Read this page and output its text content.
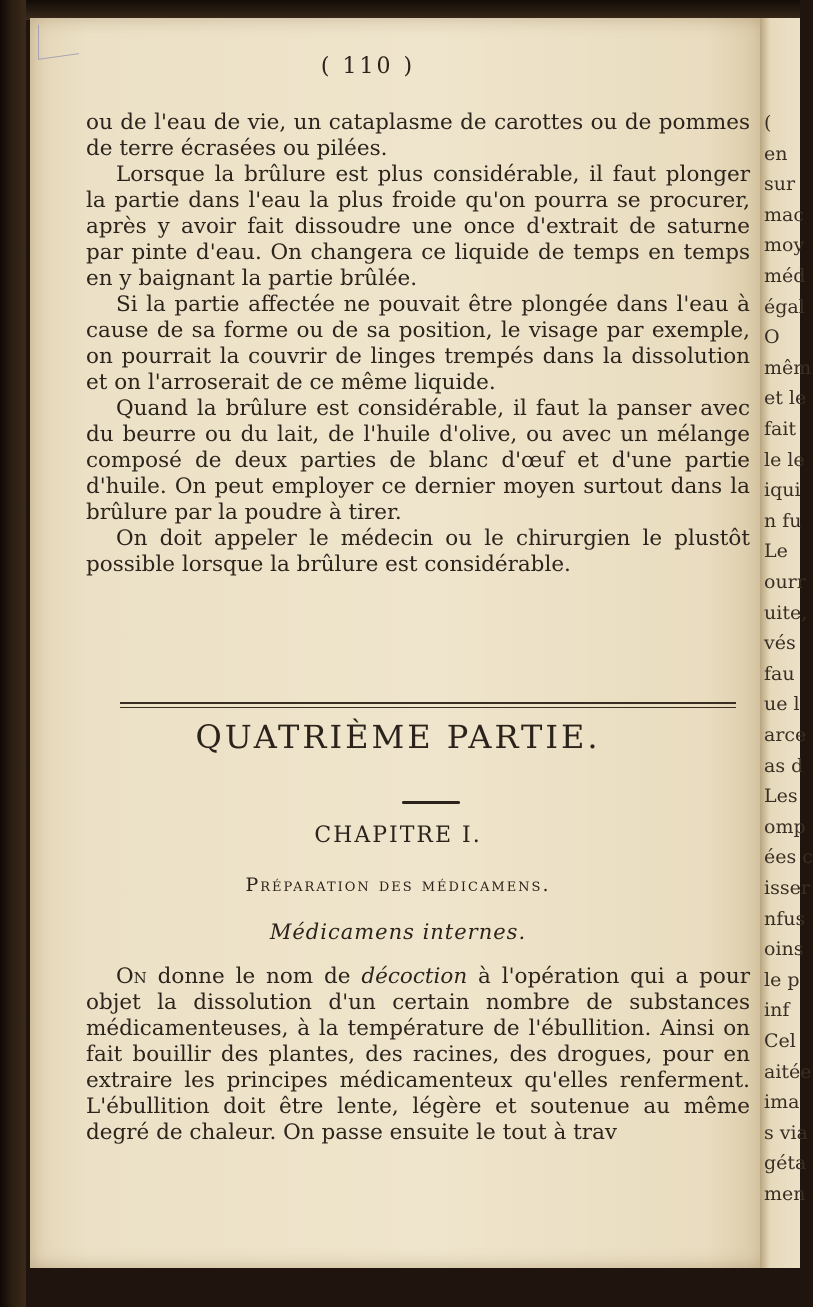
( 110 )

ou de l'eau de vie, un cataplasme de carottes ou de pommes de terre écrasées ou pilées.

Lorsque la brûlure est plus considérable, il faut plonger la partie dans l'eau la plus froide qu'on pourra se procurer, après y avoir fait dissoudre une once d'extrait de saturne par pinte d'eau. On changera ce liquide de temps en temps en y baignant la partie brûlée.

Si la partie affectée ne pouvait être plongée dans l'eau à cause de sa forme ou de sa position, le visage par exemple, on pourrait la couvrir de linges trempés dans la dissolution et on l'arroserait de ce même liquide.

Quand la brûlure est considérable, il faut la panser avec du beurre ou du lait, de l'huile d'olive, ou avec un mélange composé de deux parties de blanc d'œuf et d'une partie d'huile. On peut employer ce dernier moyen surtout dans la brûlure par la poudre à tirer.

On doit appeler le médecin ou le chirurgien le plustôt possible lorsque la brûlure est considérable.

QUATRIÈME PARTIE.
CHAPITRE I.
Préparation des médicamens.
Médicamens internes.

On donne le nom de décoction à l'opération qui a pour objet la dissolution d'un certain nombre de substances médicamenteuses, à la température de l'ébullition. Ainsi on fait bouillir des plantes, des racines, des drogues, pour en extraire les principes médicamenteux qu'elles renferment. L'ébullition doit être lente, légère et soutenue au même degré de chaleur. On passe ensuite le tout à trav

(
en
sur
mac
moy
méd
égal
O
mêm
et le
fait
le le
iqui
n fu
Le
ourr
uite,
vés
fau
ue l
arce
as d
Les
omp
ées c
isser
nfus
oins
le p
inf
Cel
aitée
ima
s via
géta
men
